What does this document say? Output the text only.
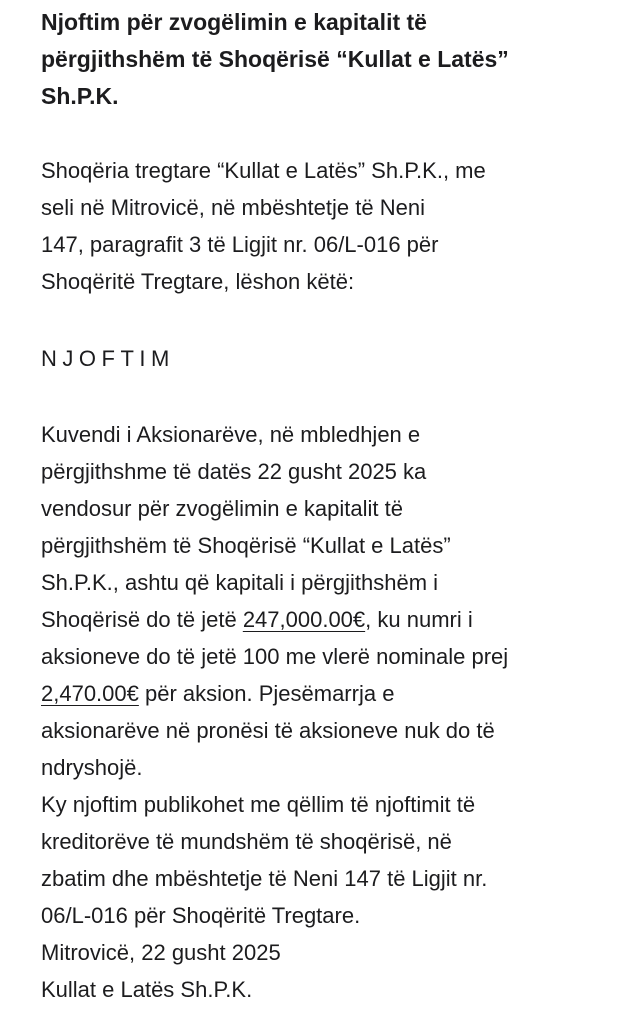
Njoftim për zvogëlimin e kapitalit të
përgjithshëm të Shoqërisë “Kullat e Latës”
Sh.P.K.

Shoqëria tregtare “Kullat e Latës” Sh.P.K., me
seli në Mitrovicë, në mbështetje të Neni
147, paragrafit 3 të Ligjit nr. 06/L-016 për
Shoqëritë Tregtare, lëshon këtë:

NJOFTIM
Kuvendi i Aksionarëve, në mbledhjen e
përgjithshme të datës 22 gusht 2025 ka
vendosur për zvogëlimin e kapitalit të
përgjithshëm të Shoqërisë “Kullat e Latës”
Sh.P.K., ashtu që kapitali i përgjithshëm i
Shoqërisë do të jetë 247,000.00€, ku numri i
aksioneve do të jetë 100 me vlerë nominale prej
2,470.00€ për aksion. Pjesëmarrja e
aksionarëve në pronësi të aksioneve nuk do të
ndryshojë.
Ky njoftim publikohet me qëllim të njoftimit të
kreditorëve të mundshëm të shoqërisë, në
zbatim dhe mbështetje të Neni 147 të Ligjit nr.
06/L-016 për Shoqëritë Tregtare.
Mitrovicë, 22 gusht 2025
Kullat e Latës Sh.P.K.
